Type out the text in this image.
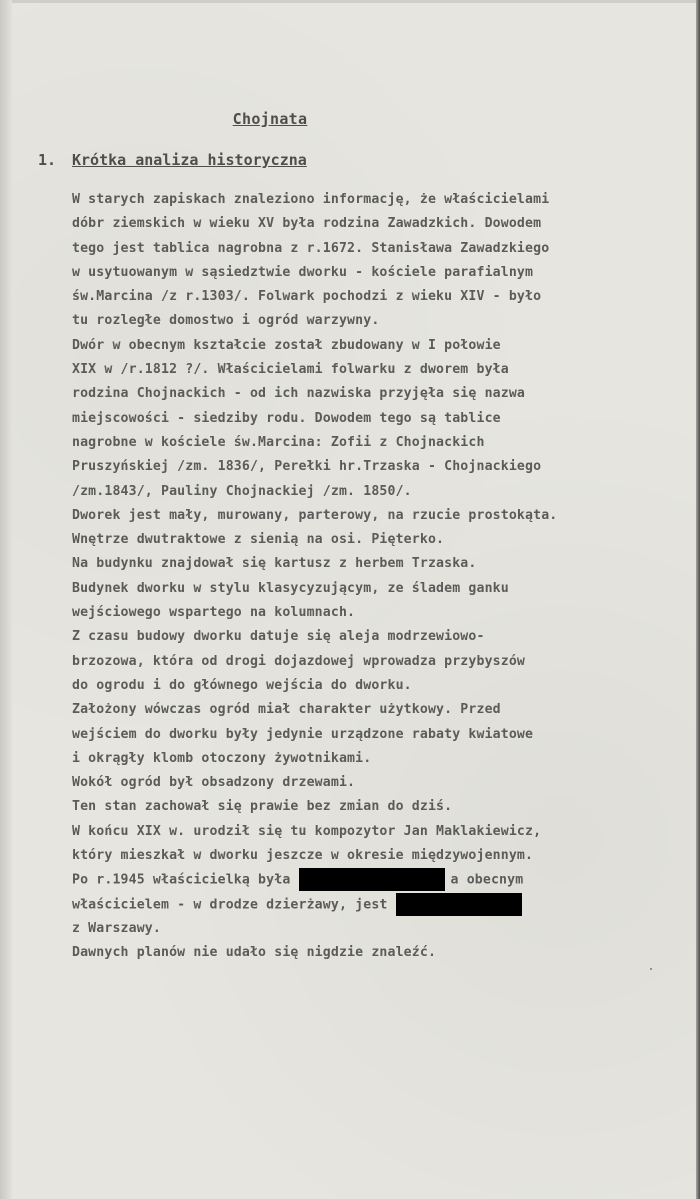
Chojnata
1. Krótka analiza historyczna
W starych zapiskach znaleziono informację, że właścicielami
dóbr ziemskich w wieku XV była rodzina Zawadzkich. Dowodem
tego jest tablica nagrobna z r.1672. Stanisława Zawadzkiego
w usytuowanym w sąsiedztwie dworku - kościele parafialnym
św.Marcina /z r.1303/. Folwark pochodzi z wieku XIV - było
tu rozległe domostwo i ogród warzywny.
Dwór w obecnym kształcie został zbudowany w I połowie
XIX w /r.1812 ?/. Właścicielami folwarku z dworem była
rodzina Chojnackich - od ich nazwiska przyjęła się nazwa
miejscowości - siedziby rodu. Dowodem tego są tablice
nagrobne w kościele św.Marcina: Zofii z Chojnackich
Pruszyńskiej /zm. 1836/, Perełki hr.Trzaska - Chojnackiego
/zm.1843/, Pauliny Chojnackiej /zm. 1850/.
Dworek jest mały, murowany, parterowy, na rzucie prostokąta.
Wnętrze dwutraktowe z sienią na osi. Pięterko.
Na budynku znajdował się kartusz z herbem Trzaska.
Budynek dworku w stylu klasycyzującym, ze śladem ganku
wejściowego wspartego na kolumnach.
Z czasu budowy dworku datuje się aleja modrzewiowo-
brzozowa, która od drogi dojazdowej wprowadza przybyszów
do ogrodu i do głównego wejścia do dworku.
Założony wówczas ogród miał charakter użytkowy. Przed
wejściem do dworku były jedynie urządzone rabaty kwiatowe
i okrągły klomb otoczony żywotnikami.
Wokół ogród był obsadzony drzewami.
Ten stan zachował się prawie bez zmian do dziś.
W końcu XIX w. urodził się tu kompozytor Jan Maklakiewicz,
który mieszkał w dworku jeszcze w okresie międzywojennym.
Po r.1945 właścicielką była	a obecnym
właścicielem - w drodze dzierżawy, jest
z Warszawy.
Dawnych planów nie udało się nigdzie znaleźć.
